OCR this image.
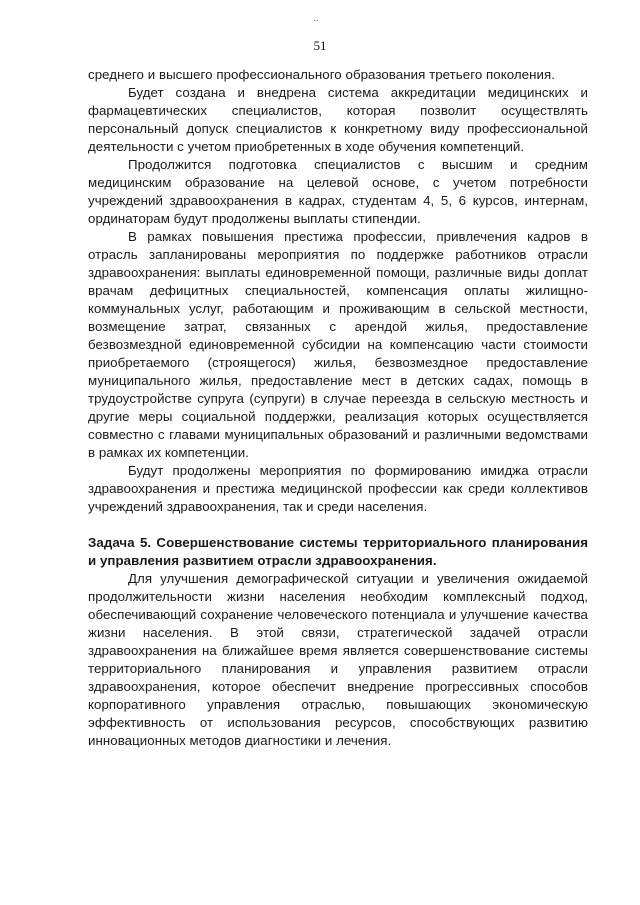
..
51

среднего и высшего профессионального образования третьего поколения.

Будет создана и внедрена система аккредитации медицинских и фармацевтических специалистов, которая позволит осуществлять персональный допуск специалистов к конкретному виду профессиональной деятельности с учетом приобретенных в ходе обучения компетенций.

Продолжится подготовка специалистов с высшим и средним медицинским образование на целевой основе, с учетом потребности учреждений здравоохранения в кадрах, студентам 4, 5, 6 курсов, интернам, ординаторам будут продолжены выплаты стипендии.

В рамках повышения престижа профессии, привлечения кадров в отрасль запланированы мероприятия по поддержке работников отрасли здравоохранения: выплаты единовременной помощи, различные виды доплат врачам дефицитных специальностей, компенсация оплаты жилищно-коммунальных услуг, работающим и проживающим в сельской местности, возмещение затрат, связанных с арендой жилья, предоставление безвозмездной единовременной субсидии на компенсацию части стоимости приобретаемого (строящегося) жилья, безвозмездное предоставление муниципального жилья, предоставление мест в детских садах, помощь в трудоустройстве супруга (супруги) в случае переезда в сельскую местность и другие меры социальной поддержки, реализация которых осуществляется совместно с главами муниципальных образований и различными ведомствами в рамках их компетенции.

Будут продолжены мероприятия по формированию имиджа отрасли здравоохранения и престижа медицинской профессии как среди коллективов учреждений здравоохранения, так и среди населения.

Задача 5. Совершенствование системы территориального планирования и управления развитием отрасли здравоохранения.

Для улучшения демографической ситуации и увеличения ожидаемой продолжительности жизни населения необходим комплексный подход, обеспечивающий сохранение человеческого потенциала и улучшение качества жизни населения. В этой связи, стратегической задачей отрасли здравоохранения на ближайшее время является совершенствование системы территориального планирования и управления развитием отрасли здравоохранения, которое обеспечит внедрение прогрессивных способов корпоративного управления отраслью, повышающих экономическую эффективность от использования ресурсов, способствующих развитию инновационных методов диагностики и лечения.
